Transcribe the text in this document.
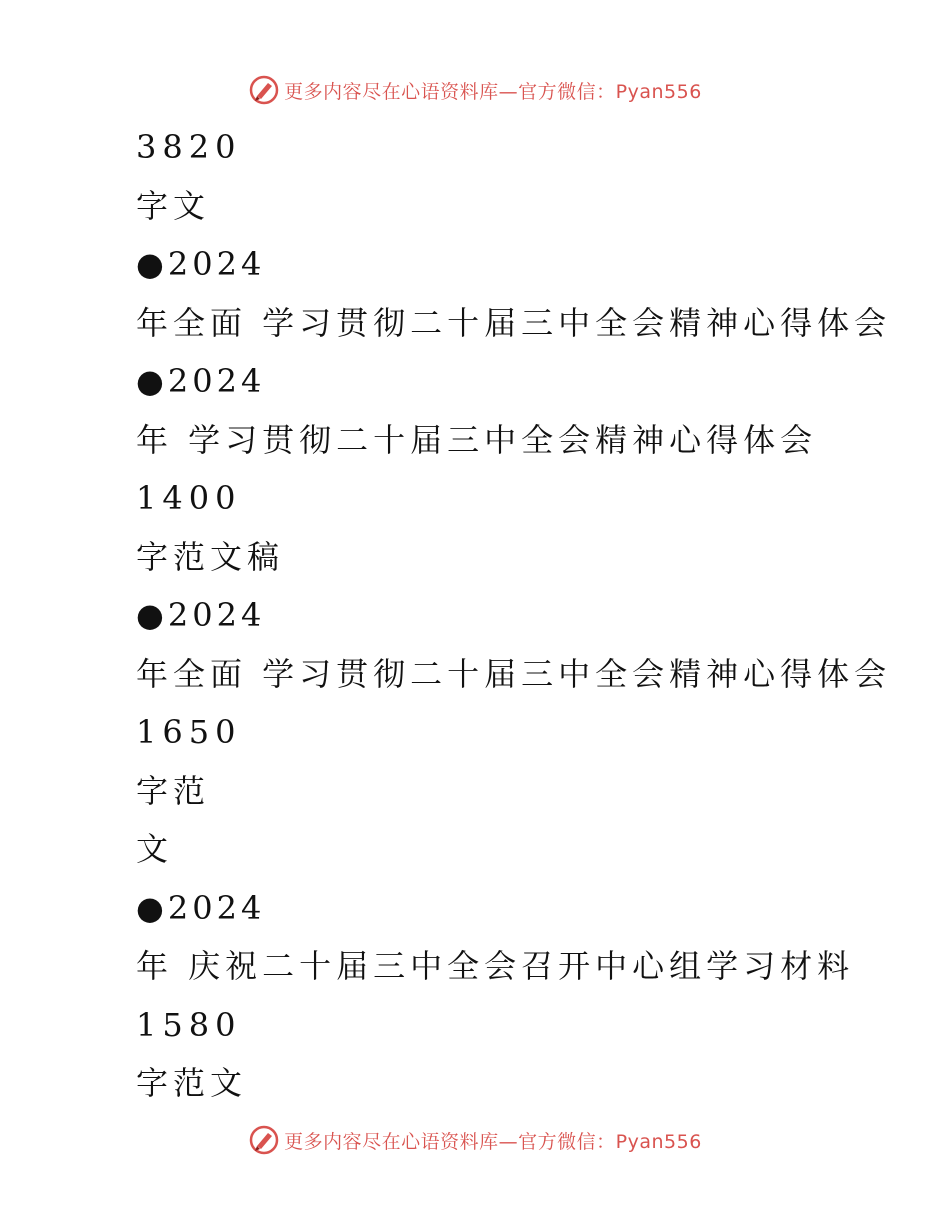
更多内容尽在心语资料库—官方微信：Pyan556
3820
字文
●2024
年全面 学习贯彻二十届三中全会精神心得体会
●2024
年 学习贯彻二十届三中全会精神心得体会
1400
字范文稿
●2024
年全面 学习贯彻二十届三中全会精神心得体会
1650
字范
文
●2024
年 庆祝二十届三中全会召开中心组学习材料
1580
字范文
更多内容尽在心语资料库—官方微信：Pyan556
